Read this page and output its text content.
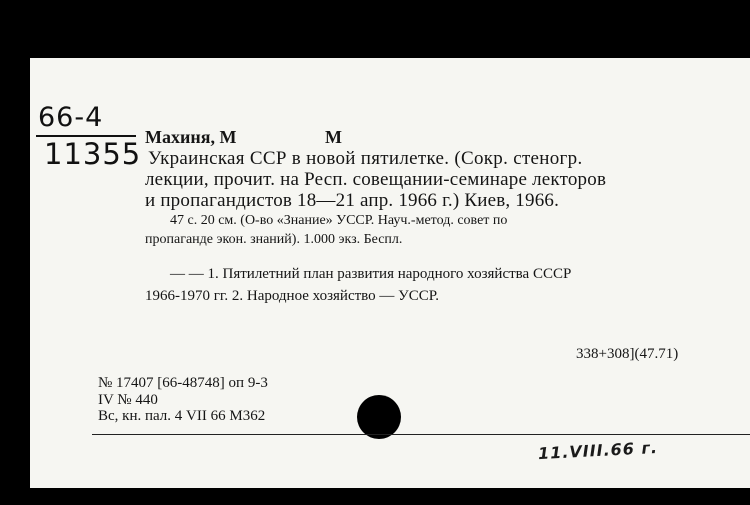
66-4
11355 Махиня, М	М
Украинская ССР в новой пятилетке. (Сокр. стеногр.
лекции, прочит. на Респ. совещании-семинаре лекторов
и пропагандистов 18—21 апр. 1966 г.) Киев, 1966.
47 с. 20 см. (О-во «Знание» УССР. Науч.-метод. совет по
пропаганде экон. знаний). 1.000 экз. Беспл.
— — 1. Пятилетний план развития народного хозяйства СССР
1966-1970 гг. 2. Народное хозяйство — УССР.
338+308](47.71)
№ 17407 [66-48748] оп 9-3
IV № 440
Вс, кн. пал. 4 VII 66 М362
11.VIII.66 г.
